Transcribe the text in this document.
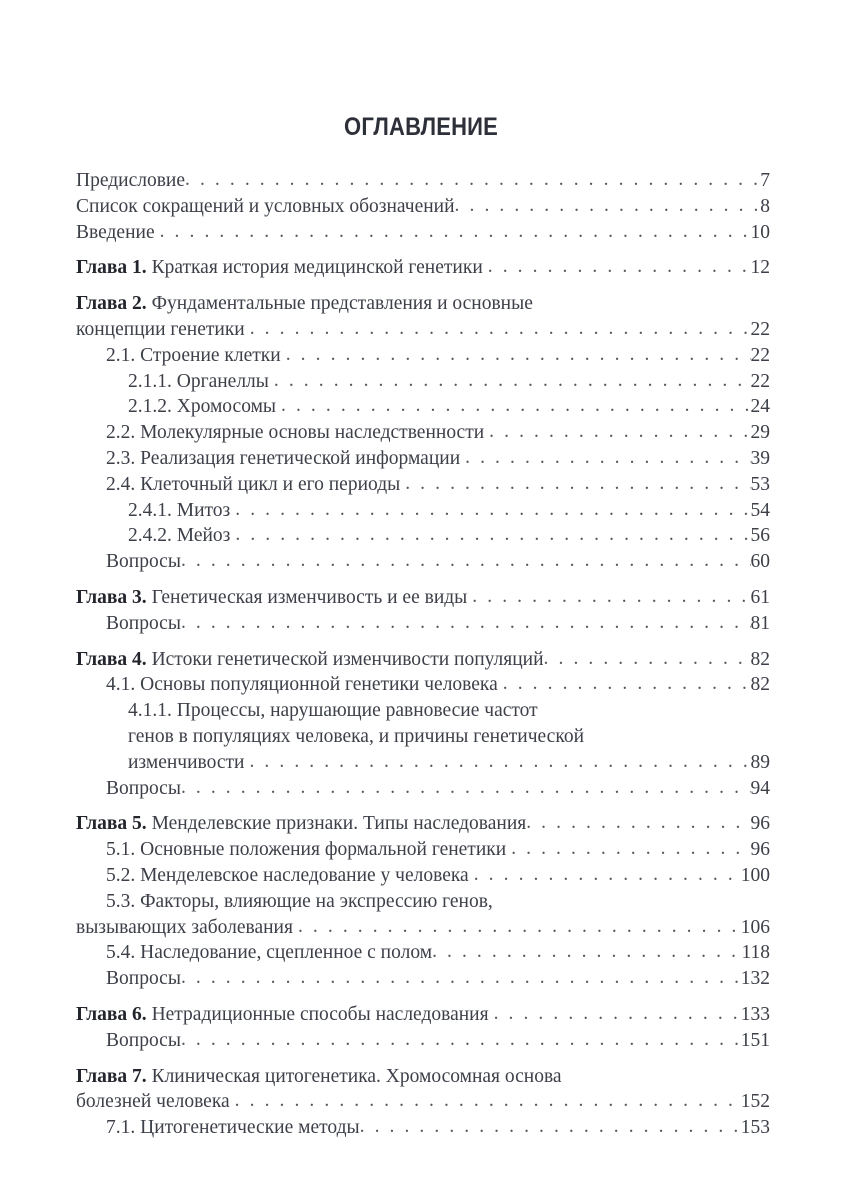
ОГЛАВЛЕНИЕ
Предисловие . . .	7
Список сокращений и условных обозначений . . .	8
Введение . . .	10
Глава 1. Краткая история медицинской генетики . . .	12
Глава 2. Фундаментальные представления и основные
концепции генетики . . .	22
2.1. Строение клетки . . .	22
2.1.1. Органеллы . . .	22
2.1.2. Хромосомы . . .	24
2.2. Молекулярные основы наследственности . . .	29
2.3. Реализация генетической информации . . .	39
2.4. Клеточный цикл и его периоды . . .	53
2.4.1. Митоз . . .	54
2.4.2. Мейоз . . .	56
Вопросы . . .	60
Глава 3. Генетическая изменчивость и ее виды . . .	61
Вопросы . . .	81
Глава 4. Истоки генетической изменчивости популяций . . .	82
4.1. Основы популяционной генетики человека . . .	82
4.1.1. Процессы, нарушающие равновесие частот
генов в популяциях человека, и причины генетической
изменчивости . . .	89
Вопросы . . .	94
Глава 5. Менделевские признаки. Типы наследования . . .	96
5.1. Основные положения формальной генетики . . .	96
5.2. Менделевское наследование у человека . . .	100
5.3. Факторы, влияющие на экспрессию генов,
вызывающих заболевания . . .	106
5.4. Наследование, сцепленное с полом . . .	118
Вопросы . . .	132
Глава 6. Нетрадиционные способы наследования . . .	133
Вопросы . . .	151
Глава 7. Клиническая цитогенетика. Хромосомная основа
болезней человека . . .	152
7.1. Цитогенетические методы . . .	153
